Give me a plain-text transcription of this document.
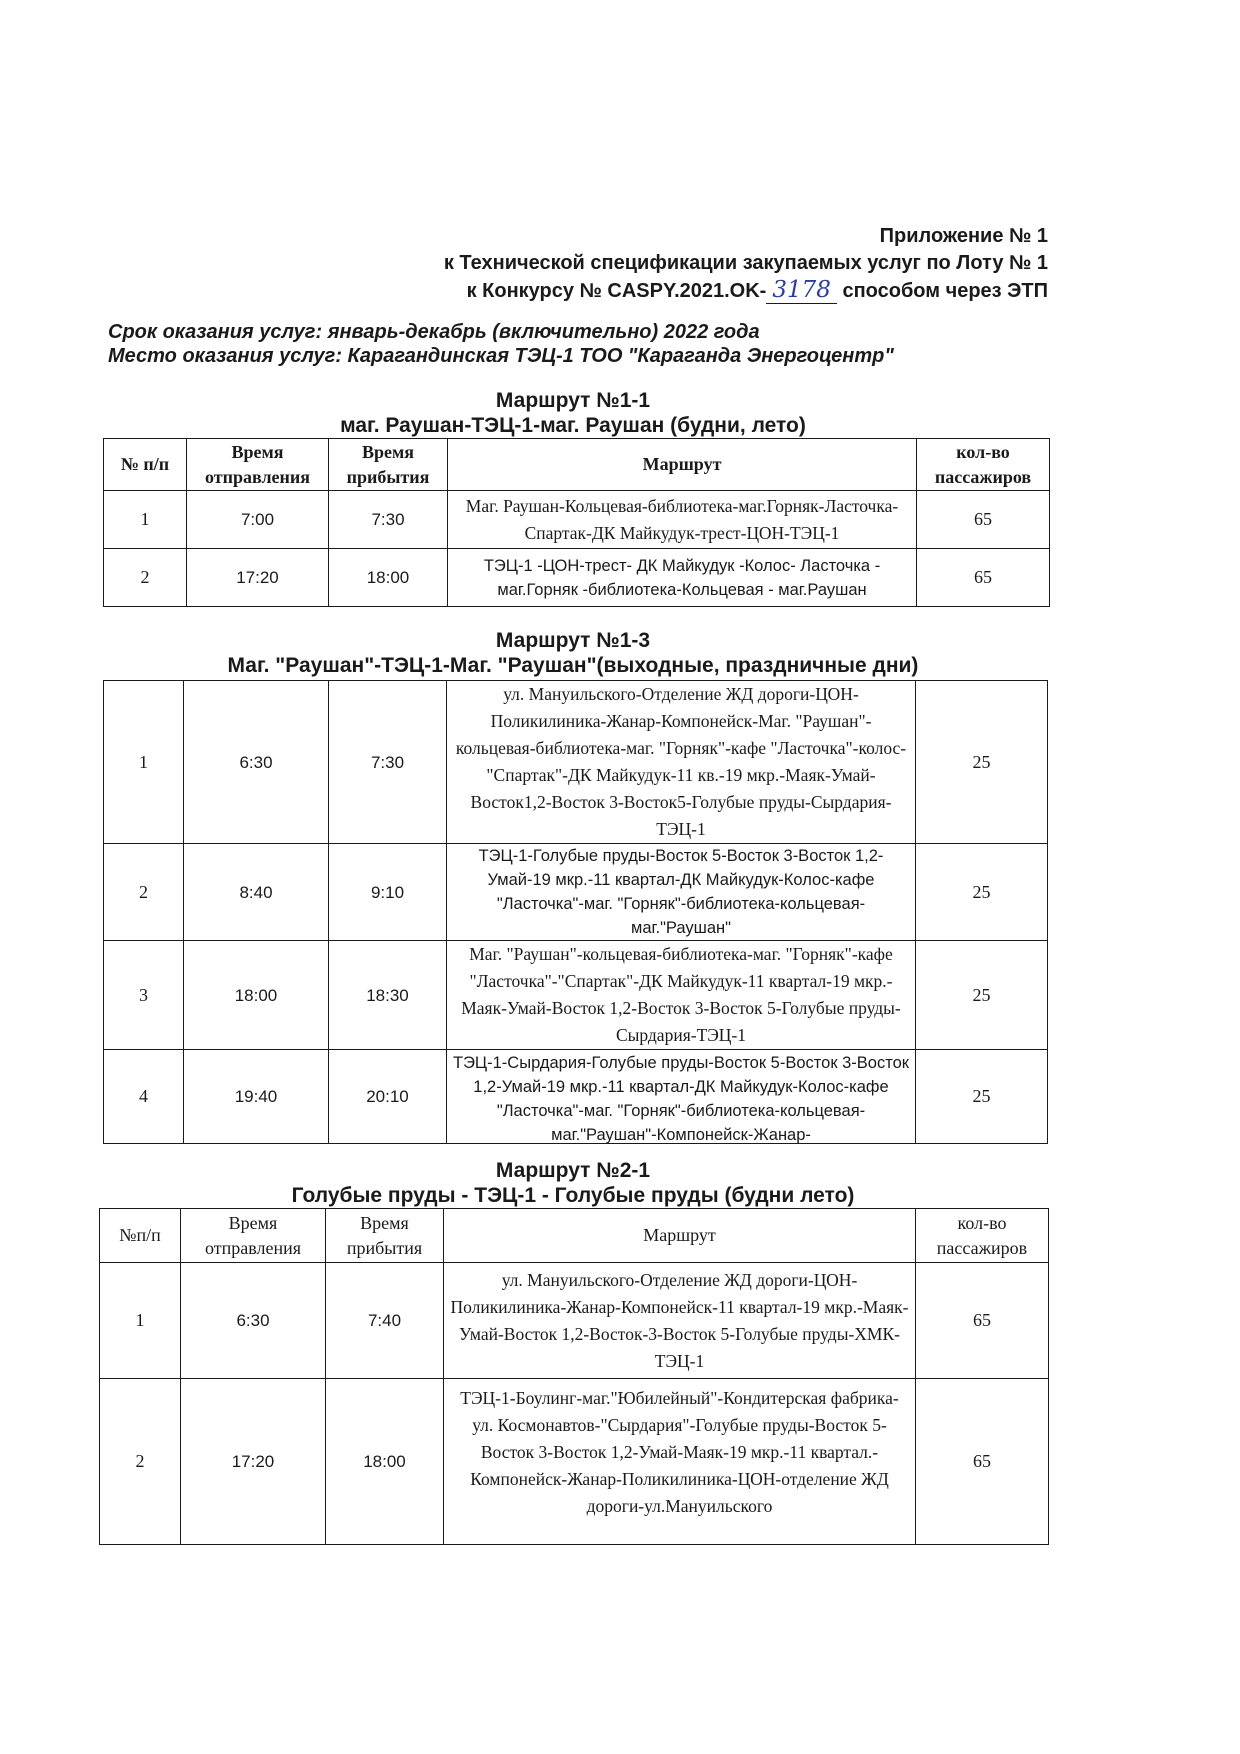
Приложение № 1
к Технической спецификации закупаемых услуг по Лоту № 1
к Конкурсу № CASPY.2021.OK- 3178 способом через ЭТП
Срок оказания услуг: январь-декабрь (включительно) 2022 года
Место оказания услуг: Карагандинская ТЭЦ-1 ТОО "Караганда Энергоцентр"
Маршрут №1-1
маг. Раушан-ТЭЦ-1-маг. Раушан (будни, лето)
№ п/п	Время отправления	Время прибытия	Маршрут	кол-во пассажиров
1	7:00	7:30	Маг. Раушан-Кольцевая-библиотека-маг.Горняк-Ласточка-Спартак-ДК Майкудук-трест-ЦОН-ТЭЦ-1	65
2	17:20	18:00	ТЭЦ-1 -ЦОН-трест- ДК Майкудук -Колос- Ласточка - маг.Горняк -библиотека-Кольцевая - маг.Раушан	65
Маршрут №1-3
Маг. "Раушан"-ТЭЦ-1-Маг. "Раушан"(выходные, праздничные дни)
1	6:30	7:30	ул. Мануильского-Отделение ЖД дороги-ЦОН-Поликилиника-Жанар-Компонейск-Маг. "Раушан"-кольцевая-библиотека-маг. "Горняк"-кафе "Ласточка"-колос-"Спартак"-ДК Майкудук-11 кв.-19 мкр.-Маяк-Умай-Восток1,2-Восток 3-Восток5-Голубые пруды-Сырдария-ТЭЦ-1	25
2	8:40	9:10	ТЭЦ-1-Голубые пруды-Восток 5-Восток 3-Восток 1,2-Умай-19 мкр.-11 квартал-ДК Майкудук-Колос-кафе "Ласточка"-маг. "Горняк"-библиотека-кольцевая-маг."Раушан"	25
3	18:00	18:30	Маг. "Раушан"-кольцевая-библиотека-маг. "Горняк"-кафе "Ласточка"-"Спартак"-ДК Майкудук-11 квартал-19 мкр.-Маяк-Умай-Восток 1,2-Восток 3-Восток 5-Голубые пруды-Сырдария-ТЭЦ-1	25
4	19:40	20:10	ТЭЦ-1-Сырдария-Голубые пруды-Восток 5-Восток 3-Восток 1,2-Умай-19 мкр.-11 квартал-ДК Майкудук-Колос-кафе "Ласточка"-маг. "Горняк"-библиотека-кольцевая-маг."Раушан"-Компонейск-Жанар-	25
Маршрут №2-1
Голубые пруды - ТЭЦ-1 - Голубые пруды (будни лето)
№п/п	Время отправления	Время прибытия	Маршрут	кол-во пассажиров
1	6:30	7:40	ул. Мануильского-Отделение ЖД дороги-ЦОН-Поликилиника-Жанар-Компонейск-11 квартал-19 мкр.-Маяк-Умай-Восток 1,2-Восток-3-Восток 5-Голубые пруды-ХМК-ТЭЦ-1	65
2	17:20	18:00	ТЭЦ-1-Боулинг-маг."Юбилейный"-Кондитерская фабрика- ул. Космонавтов-"Сырдария"-Голубые пруды-Восток 5-Восток 3-Восток 1,2-Умай-Маяк-19 мкр.-11 квартал.-Компонейск-Жанар-Поликилиника-ЦОН-отделение ЖД дороги-ул.Мануильского	65
